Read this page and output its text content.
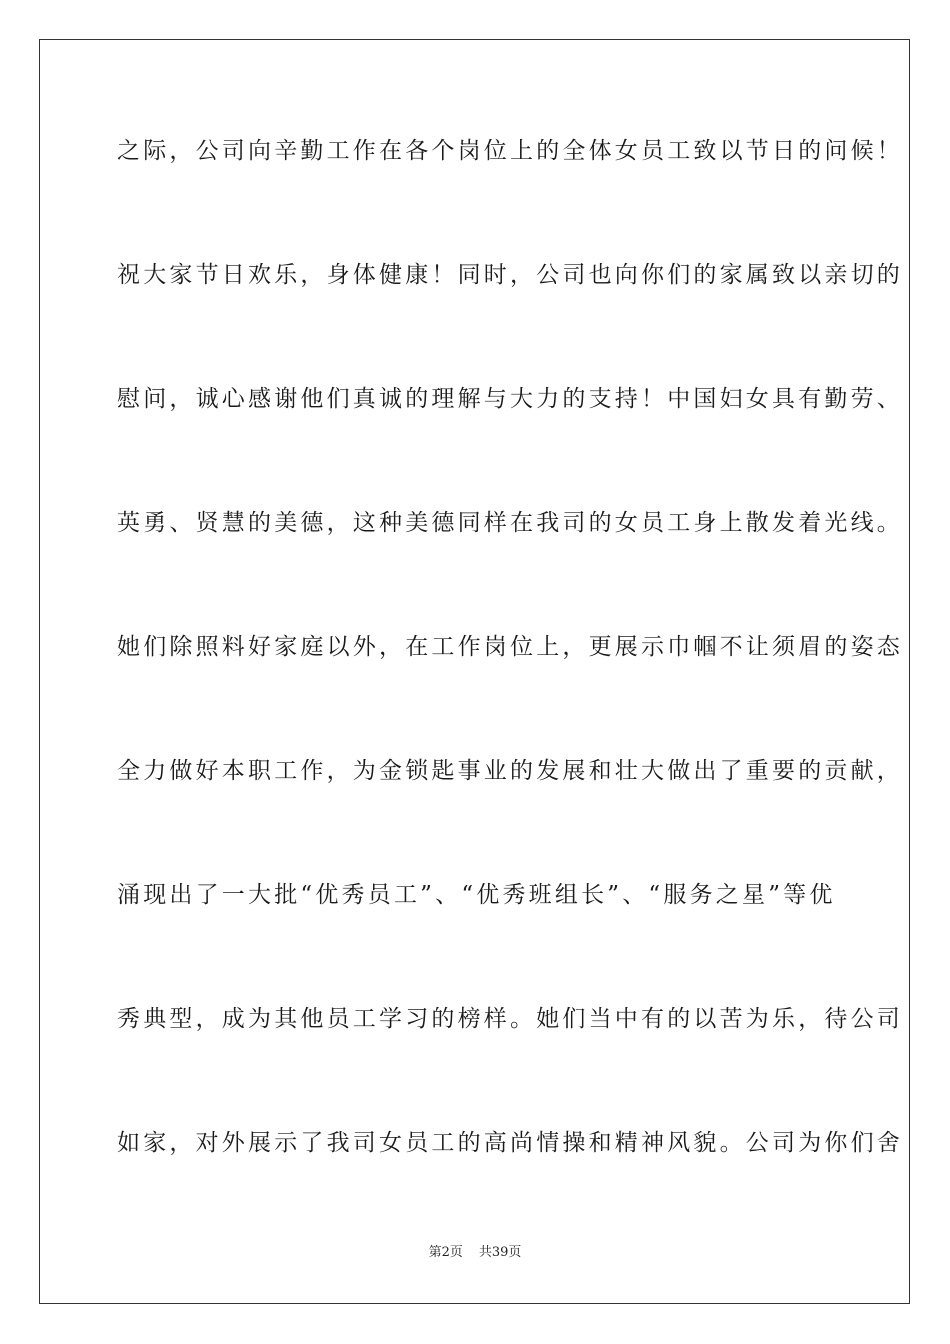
之际，公司向辛勤工作在各个岗位上的全体女员工致以节日的问候！
祝大家节日欢乐，身体健康！同时，公司也向你们的家属致以亲切的
慰问，诚心感谢他们真诚的理解与大力的支持！中国妇女具有勤劳、
英勇、贤慧的美德，这种美德同样在我司的女员工身上散发着光线。
她们除照料好家庭以外，在工作岗位上，更展示巾帼不让须眉的姿态
全力做好本职工作，为金锁匙事业的发展和壮大做出了重要的贡献，
涌现出了一大批“优秀员工”、“优秀班组长”、“服务之星”等优
秀典型，成为其他员工学习的榜样。她们当中有的以苦为乐，待公司
如家，对外展示了我司女员工的高尚情操和精神风貌。公司为你们舍
第2页 共39页
